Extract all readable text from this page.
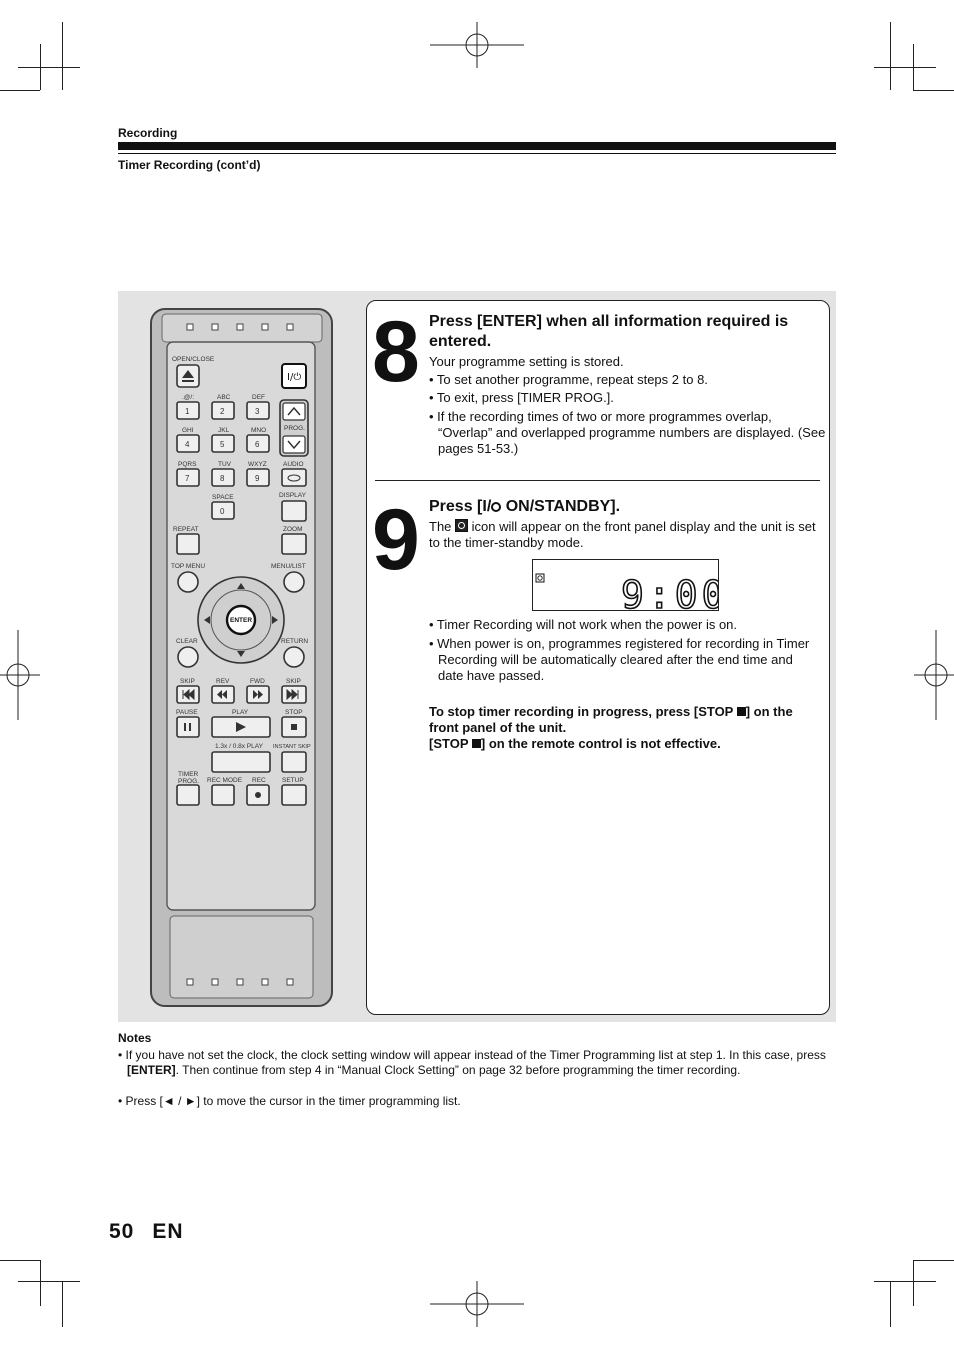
Recording
Timer Recording (cont’d)
OPEN/CLOSE
I/⏻
.@/:	ABC	DEF
1	2	3
GHI	JKL	MNO
4	5	6
PQRS	TUV	WXYZ
7	8	9
SPACE
0
PROG.
AUDIO
DISPLAY
REPEAT	ZOOM
TOP MENU	MENU/LIST
ENTER
CLEAR	RETURN
SKIP	REV	FWD	SKIP
PAUSE	PLAY	STOP
1.3x / 0.8x PLAY INSTANT SKIP
TIMER
PROG. REC MODE REC	SETUP
8 Press [ENTER] when all information required is entered.
Your programme setting is stored.
• To set another programme, repeat steps 2 to 8.
• To exit, press [TIMER PROG.].
• If the recording times of two or more programmes overlap, “Overlap” and overlapped programme numbers are displayed. (See pages 51-53.)
9 Press [I/ ON/STANDBY].
The  icon will appear on the front panel display and the unit is set to the timer-standby mode.
9:00
• Timer Recording will not work when the power is on.
• When power is on, programmes registered for recording in Timer Recording will be automatically cleared after the end time and date have passed.
To stop timer recording in progress, press [STOP ] on the front panel of the unit.
[STOP ] on the remote control is not effective.
Notes
• If you have not set the clock, the clock setting window will appear instead of the Timer Programming list at step 1. In this case, press [ENTER]. Then continue from step 4 in “Manual Clock Setting” on page 32 before programming the timer recording.
• Press [◄ / ►] to move the cursor in the timer programming list.
50 EN
